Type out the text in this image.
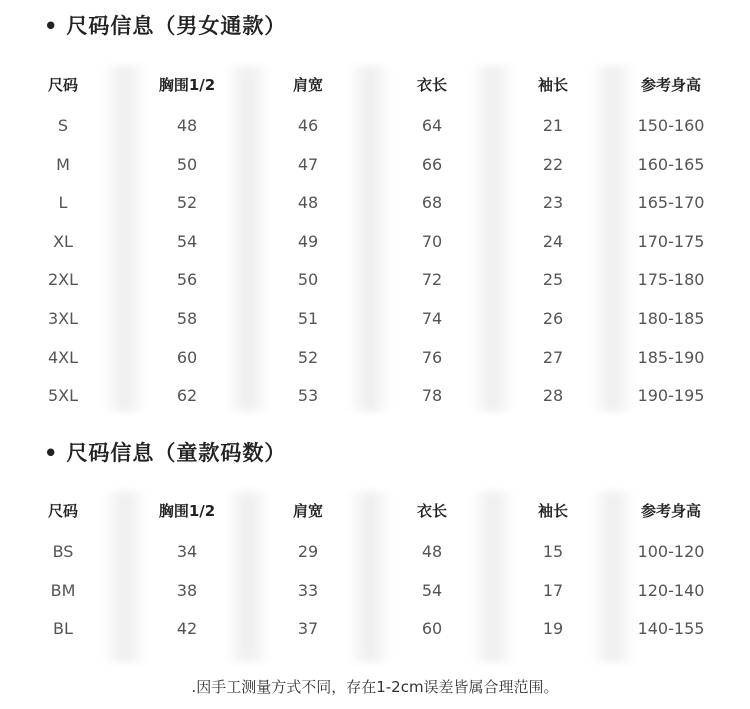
• 尺码信息（男女通款）
尺码	胸围1/2	肩宽	衣长	袖长	参考身高
S	48	46	64	21	150-160
M	50	47	66	22	160-165
L	52	48	68	23	165-170
XL	54	49	70	24	170-175
2XL	56	50	72	25	175-180
3XL	58	51	74	26	180-185
4XL	60	52	76	27	185-190
5XL	62	53	78	28	190-195
• 尺码信息（童款码数）
尺码	胸围1/2	肩宽	衣长	袖长	参考身高
BS	34	29	48	15	100-120
BM	38	33	54	17	120-140
BL	42	37	60	19	140-155
.因手工测量方式不同，存在1-2cm误差皆属合理范围。
